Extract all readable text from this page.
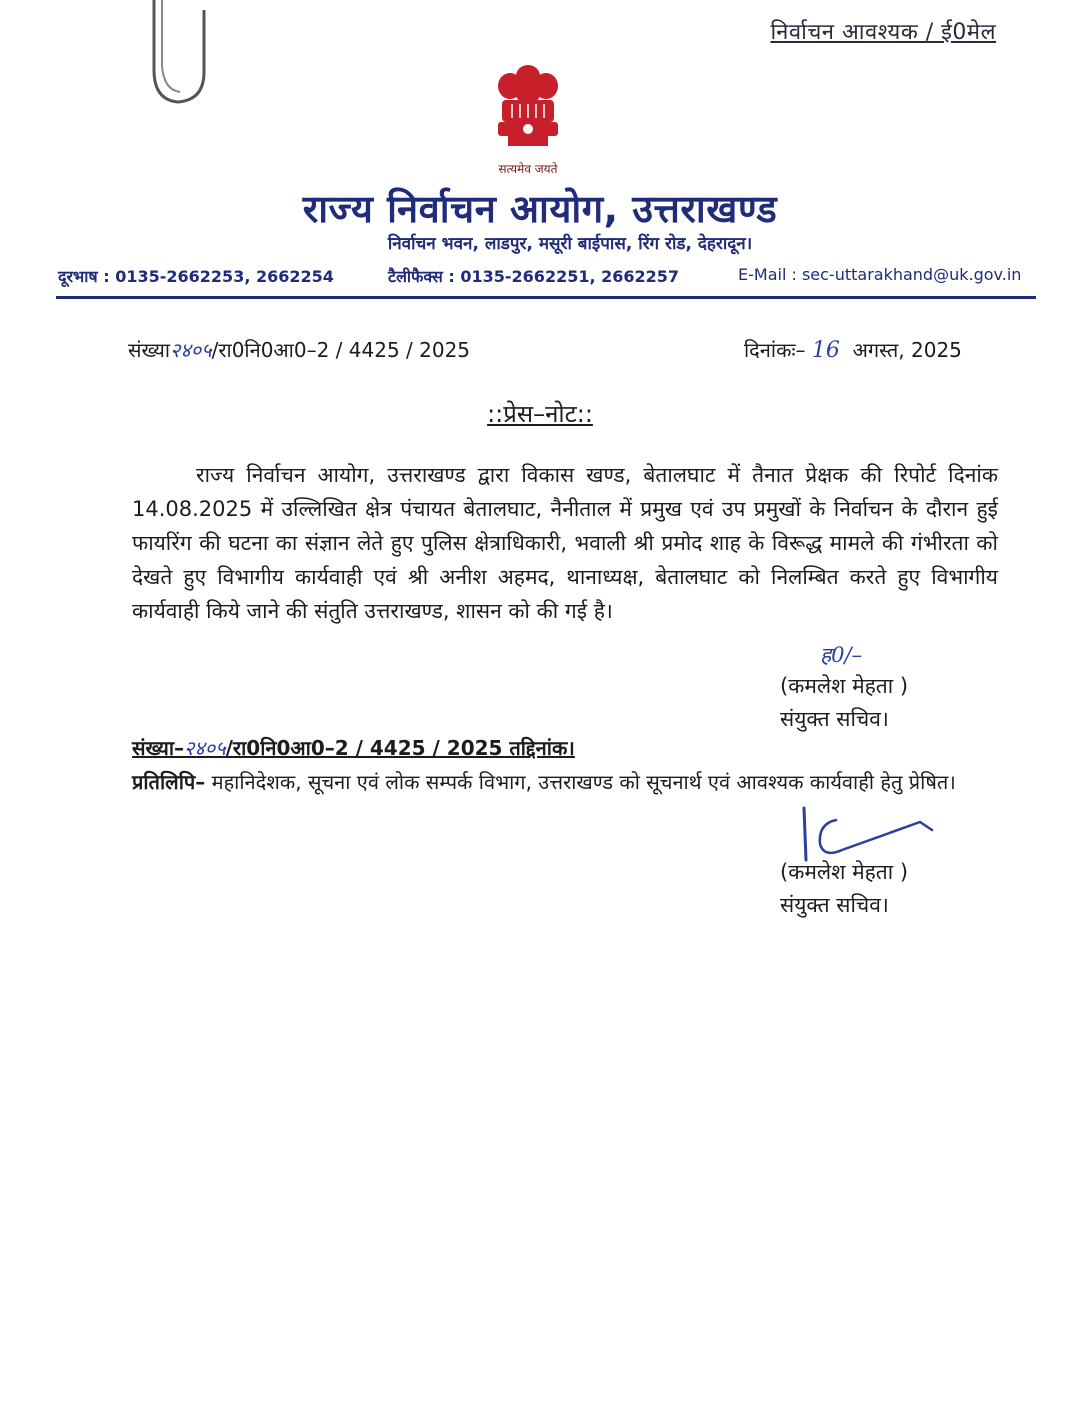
निर्वाचन आवश्यक / ई0मेल
सत्यमेव जयते
राज्य निर्वाचन आयोग, उत्तराखण्ड
निर्वाचन भवन, लाडपुर, मसूरी बाईपास, रिंग रोड, देहरादून।
दूरभाष : 0135-2662253, 2662254	टैलीफैक्स : 0135-2662251, 2662257	E-Mail : sec-uttarakhand@uk.gov.in
संख्या२४०५/रा0नि0आ0–2 / 4425 / 2025	दिनांकः– 16 अगस्त, 2025
::प्रेस–नोट::
राज्य निर्वाचन आयोग, उत्तराखण्ड द्वारा विकास खण्ड, बेतालघाट में तैनात प्रेक्षक की रिपोर्ट दिनांक 14.08.2025 में उल्लिखित क्षेत्र पंचायत बेतालघाट, नैनीताल में प्रमुख एवं उप प्रमुखों के निर्वाचन के दौरान हुई फायरिंग की घटना का संज्ञान लेते हुए पुलिस क्षेत्राधिकारी, भवाली श्री प्रमोद शाह के विरूद्ध मामले की गंभीरता को देखते हुए विभागीय कार्यवाही एवं श्री अनीश अहमद, थानाध्यक्ष, बेतालघाट को निलम्बित करते हुए विभागीय कार्यवाही किये जाने की संतुति उत्तराखण्ड, शासन को की गई है।
ह0/–
(कमलेश मेहता )
संयुक्त सचिव।
संख्या–२४०५/रा0नि0आ0–2 / 4425 / 2025 तद्दिनांक।
प्रतिलिपि– महानिदेशक, सूचना एवं लोक सम्पर्क विभाग, उत्तराखण्ड को सूचनार्थ एवं आवश्यक कार्यवाही हेतु प्रेषित।
(कमलेश मेहता )
संयुक्त सचिव।
